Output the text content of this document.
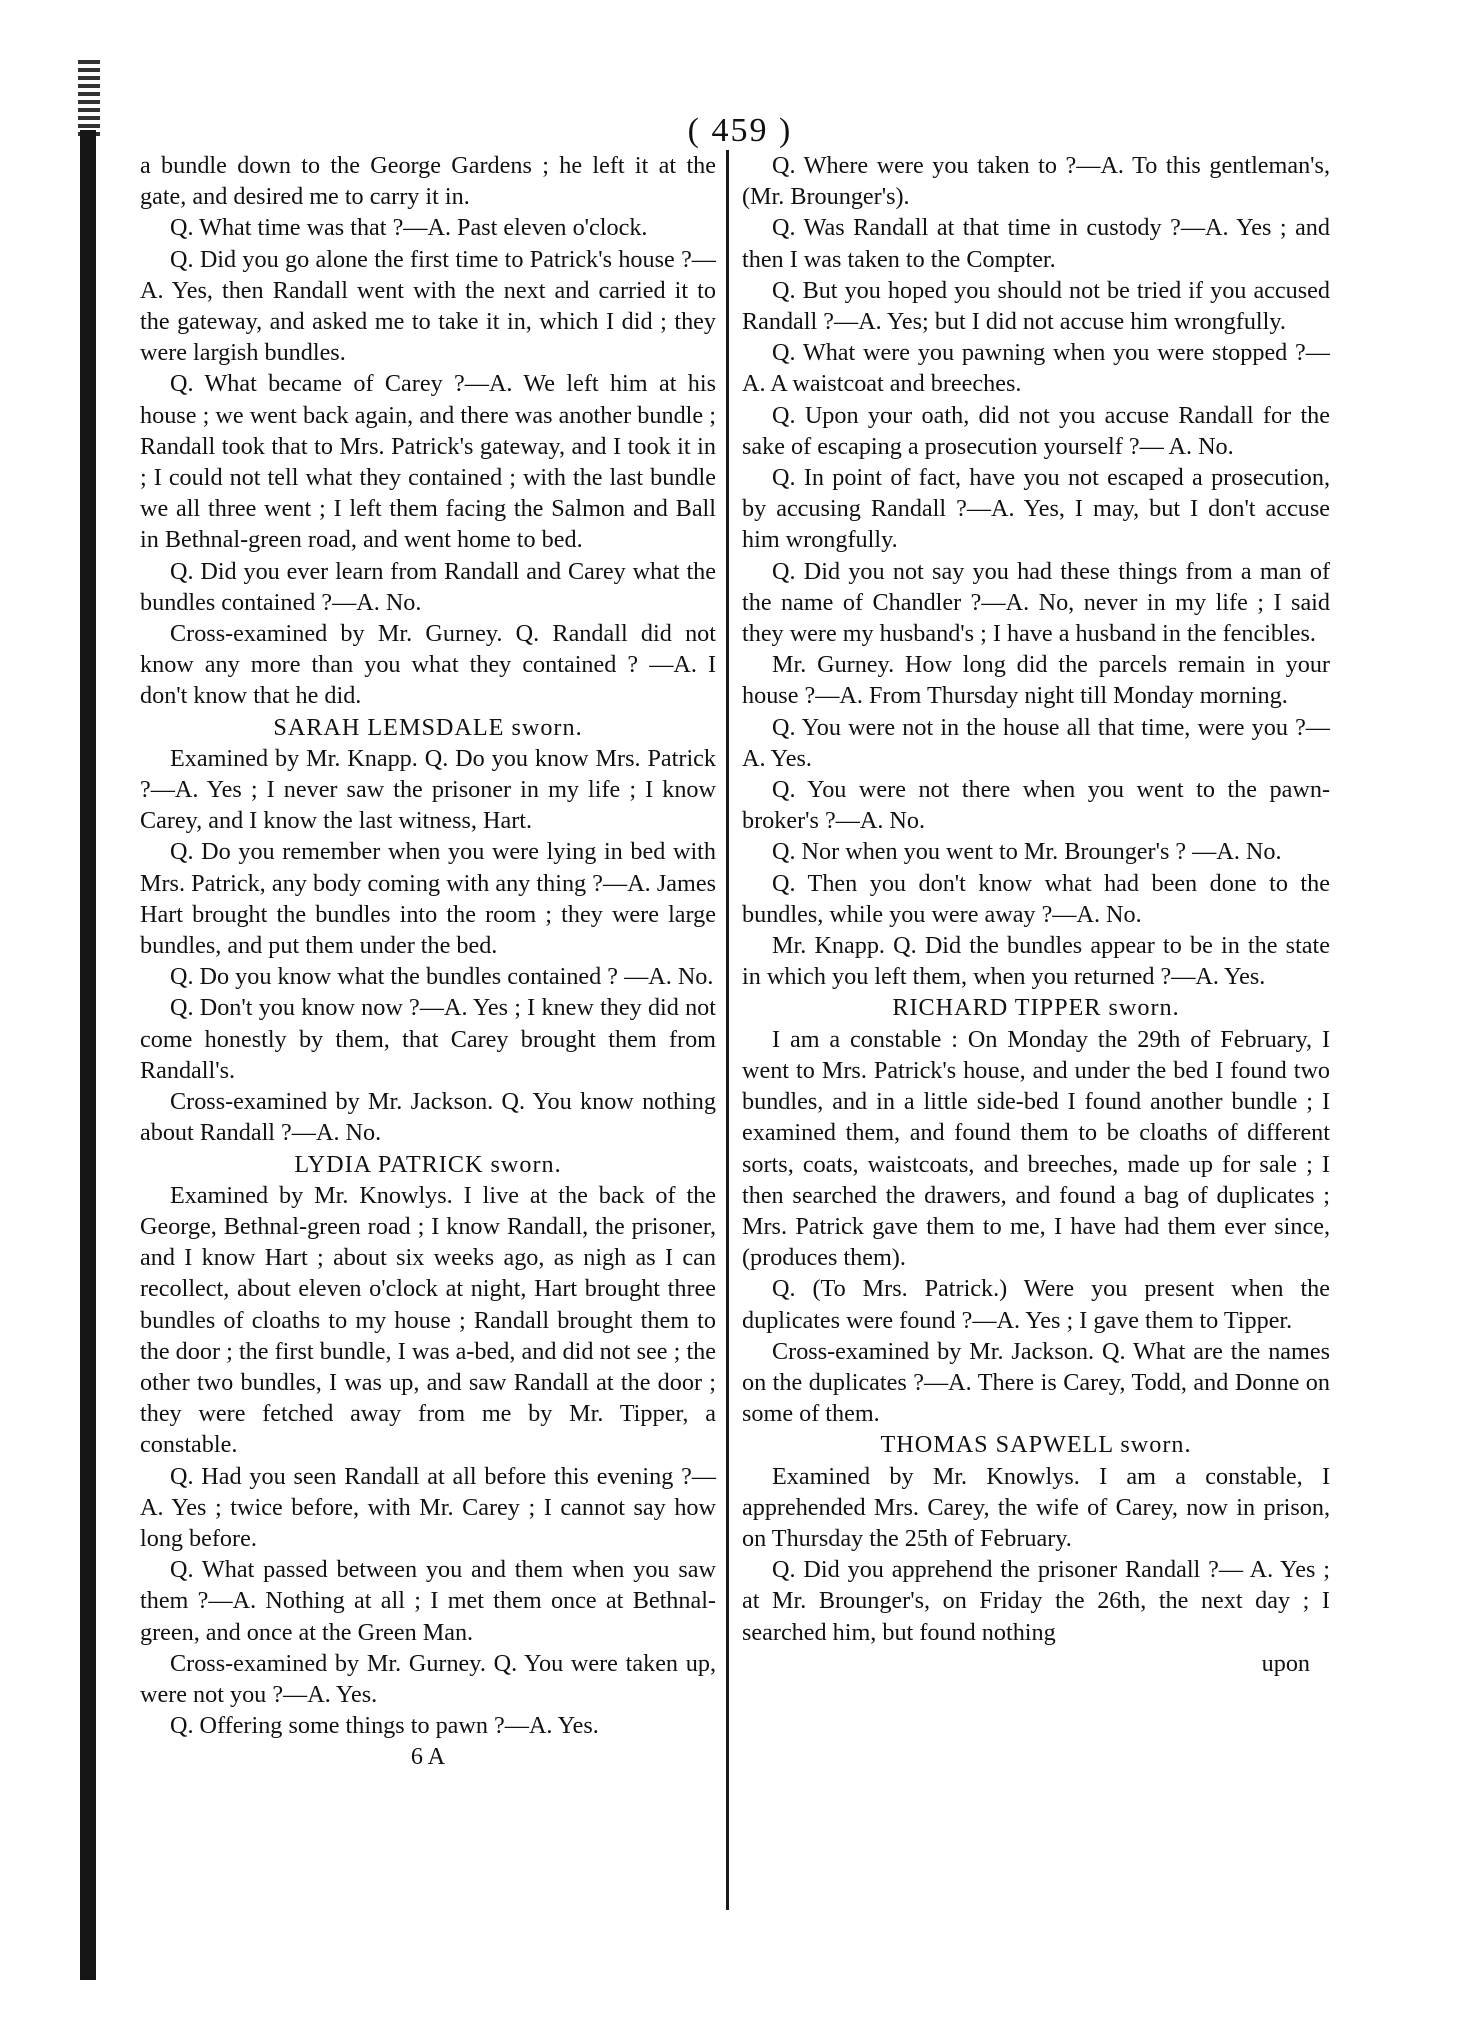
( 459 )

a bundle down to the George Gardens ; he left it at the gate, and desired me to carry it in.

Q. What time was that ?—A. Past eleven o'clock.

Q. Did you go alone the first time to Patrick's house ?—A. Yes, then Randall went with the next and carried it to the gateway, and asked me to take it in, which I did ; they were largish bundles.

Q. What became of Carey ?—A. We left him at his house ; we went back again, and there was another bundle ; Randall took that to Mrs. Patrick's gateway, and I took it in ; I could not tell what they contained ; with the last bundle we all three went ; I left them facing the Salmon and Ball in Bethnal-green road, and went home to bed.

Q. Did you ever learn from Randall and Carey what the bundles contained ?—A. No.

Cross-examined by Mr. Gurney. Q. Randall did not know any more than you what they contained ? —A. I don't know that he did.

SARAH LEMSDALE sworn.

Examined by Mr. Knapp. Q. Do you know Mrs. Patrick ?—A. Yes ; I never saw the prisoner in my life ; I know Carey, and I know the last witness, Hart.

Q. Do you remember when you were lying in bed with Mrs. Patrick, any body coming with any thing ?—A. James Hart brought the bundles into the room ; they were large bundles, and put them under the bed.

Q. Do you know what the bundles contained ? —A. No.

Q. Don't you know now ?—A. Yes ; I knew they did not come honestly by them, that Carey brought them from Randall's.

Cross-examined by Mr. Jackson. Q. You know nothing about Randall ?—A. No.

LYDIA PATRICK sworn.

Examined by Mr. Knowlys. I live at the back of the George, Bethnal-green road ; I know Randall, the prisoner, and I know Hart ; about six weeks ago, as nigh as I can recollect, about eleven o'clock at night, Hart brought three bundles of cloaths to my house ; Randall brought them to the door ; the first bundle, I was a-bed, and did not see ; the other two bundles, I was up, and saw Randall at the door ; they were fetched away from me by Mr. Tipper, a constable.

Q. Had you seen Randall at all before this evening ?—A. Yes ; twice before, with Mr. Carey ; I cannot say how long before.

Q. What passed between you and them when you saw them ?—A. Nothing at all ; I met them once at Bethnal-green, and once at the Green Man.

Cross-examined by Mr. Gurney. Q. You were taken up, were not you ?—A. Yes.

Q. Offering some things to pawn ?—A. Yes.

6 A

Q. Where were you taken to ?—A. To this gentleman's, (Mr. Brounger's).

Q. Was Randall at that time in custody ?—A. Yes ; and then I was taken to the Compter.

Q. But you hoped you should not be tried if you accused Randall ?—A. Yes; but I did not accuse him wrongfully.

Q. What were you pawning when you were stopped ?—A. A waistcoat and breeches.

Q. Upon your oath, did not you accuse Randall for the sake of escaping a prosecution yourself ?— A. No.

Q. In point of fact, have you not escaped a prosecution, by accusing Randall ?—A. Yes, I may, but I don't accuse him wrongfully.

Q. Did you not say you had these things from a man of the name of Chandler ?—A. No, never in my life ; I said they were my husband's ; I have a husband in the fencibles.

Mr. Gurney. How long did the parcels remain in your house ?—A. From Thursday night till Monday morning.

Q. You were not in the house all that time, were you ?—A. Yes.

Q. You were not there when you went to the pawn-broker's ?—A. No.

Q. Nor when you went to Mr. Brounger's ? —A. No.

Q. Then you don't know what had been done to the bundles, while you were away ?—A. No.

Mr. Knapp. Q. Did the bundles appear to be in the state in which you left them, when you returned ?—A. Yes.

RICHARD TIPPER sworn.

I am a constable : On Monday the 29th of February, I went to Mrs. Patrick's house, and under the bed I found two bundles, and in a little side-bed I found another bundle ; I examined them, and found them to be cloaths of different sorts, coats, waistcoats, and breeches, made up for sale ; I then searched the drawers, and found a bag of duplicates ; Mrs. Patrick gave them to me, I have had them ever since, (produces them).

Q. (To Mrs. Patrick.) Were you present when the duplicates were found ?—A. Yes ; I gave them to Tipper.

Cross-examined by Mr. Jackson. Q. What are the names on the duplicates ?—A. There is Carey, Todd, and Donne on some of them.

THOMAS SAPWELL sworn.

Examined by Mr. Knowlys. I am a constable, I apprehended Mrs. Carey, the wife of Carey, now in prison, on Thursday the 25th of February.

Q. Did you apprehend the prisoner Randall ?— A. Yes ; at Mr. Brounger's, on Friday the 26th, the next day ; I searched him, but found nothing

upon
